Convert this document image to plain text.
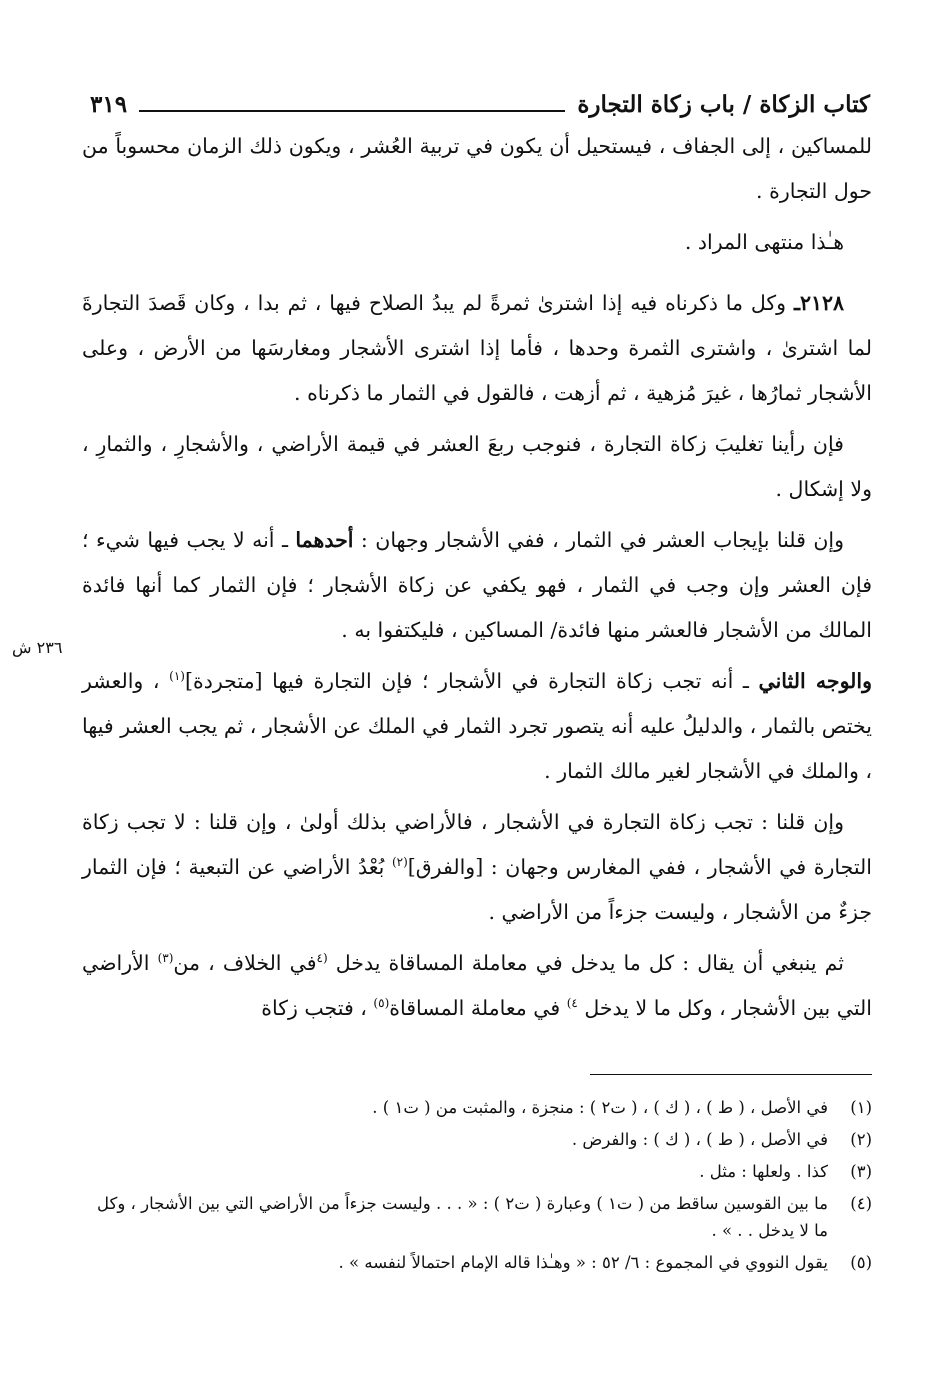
كتاب الزكاة / باب زكاة التجارة
٣١٩
٢٣٦ ش

للمساكين ، إلى الجفاف ، فيستحيل أن يكون في تربية العُشر ، ويكون ذلك الزمان محسوباً من حول التجارة .

هـٰذا منتهى المراد .

٢١٢٨ـ وكل ما ذكرناه فيه إذا اشترىٰ ثمرةً لم يبدُ الصلاح فيها ، ثم بدا ، وكان قَصدَ التجارةَ لما اشترىٰ ، واشترى الثمرة وحدها ، فأما إذا اشترى الأشجار ومغارسَها من الأرض ، وعلى الأشجار ثمارُها ، غيرَ مُزهية ، ثم أزهت ، فالقول في الثمار ما ذكرناه .

فإن رأينا تغليبَ زكاة التجارة ، فنوجب ربعَ العشر في قيمة الأراضي ، والأشجارِ ، والثمارِ ، ولا إشكال .

وإن قلنا بإيجاب العشر في الثمار ، ففي الأشجار وجهان : أحدهما ـ أنه لا يجب فيها شيء ؛ فإن العشر وإن وجب في الثمار ، فهو يكفي عن زكاة الأشجار ؛ فإن الثمار كما أنها فائدة المالك من الأشجار فالعشر منها فائدة/ المساكين ، فليكتفوا به .

والوجه الثاني ـ أنه تجب زكاة التجارة في الأشجار ؛ فإن التجارة فيها [متجردة]$^{(١)}$ ، والعشر يختص بالثمار ، والدليلُ عليه أنه يتصور تجرد الثمار في الملك عن الأشجار ، ثم يجب العشر فيها ، والملك في الأشجار لغير مالك الثمار .

وإن قلنا : تجب زكاة التجارة في الأشجار ، فالأراضي بذلك أولىٰ ، وإن قلنا : لا تجب زكاة التجارة في الأشجار ، ففي المغارس وجهان : [والفرق]$^{(٢)}$ بُعْدُ الأراضي عن التبعية ؛ فإن الثمار جزءٌ من الأشجار ، وليست جزءاً من الأراضي .

ثم ينبغي أن يقال : كل ما يدخل في معاملة المساقاة يدخل $^{(٤}$في الخلاف ، من$^{(٣)}$ الأراضي التي بين الأشجار ، وكل ما لا يدخل $^{٤)}$ في معاملة المساقاة$^{(٥)}$ ، فتجب زكاة

(١)
في الأصل ، ( ط ) ، ( ك ) ، ( ت٢ ) : منجزة ، والمثبت من ( ت١ ) .
(٢)
في الأصل ، ( ط ) ، ( ك ) : والفرض .
(٣)
كذا . ولعلها : مثل .
(٤)
ما بين القوسين ساقط من ( ت١ ) وعبارة ( ت٢ ) : « . . . وليست جزءاً من الأراضي التي بين الأشجار ، وكل ما لا يدخل . . » .
(٥)
يقول النووي في المجموع : ٦/ ٥٢ : « وهـٰذا قاله الإمام احتمالاً لنفسه » .
